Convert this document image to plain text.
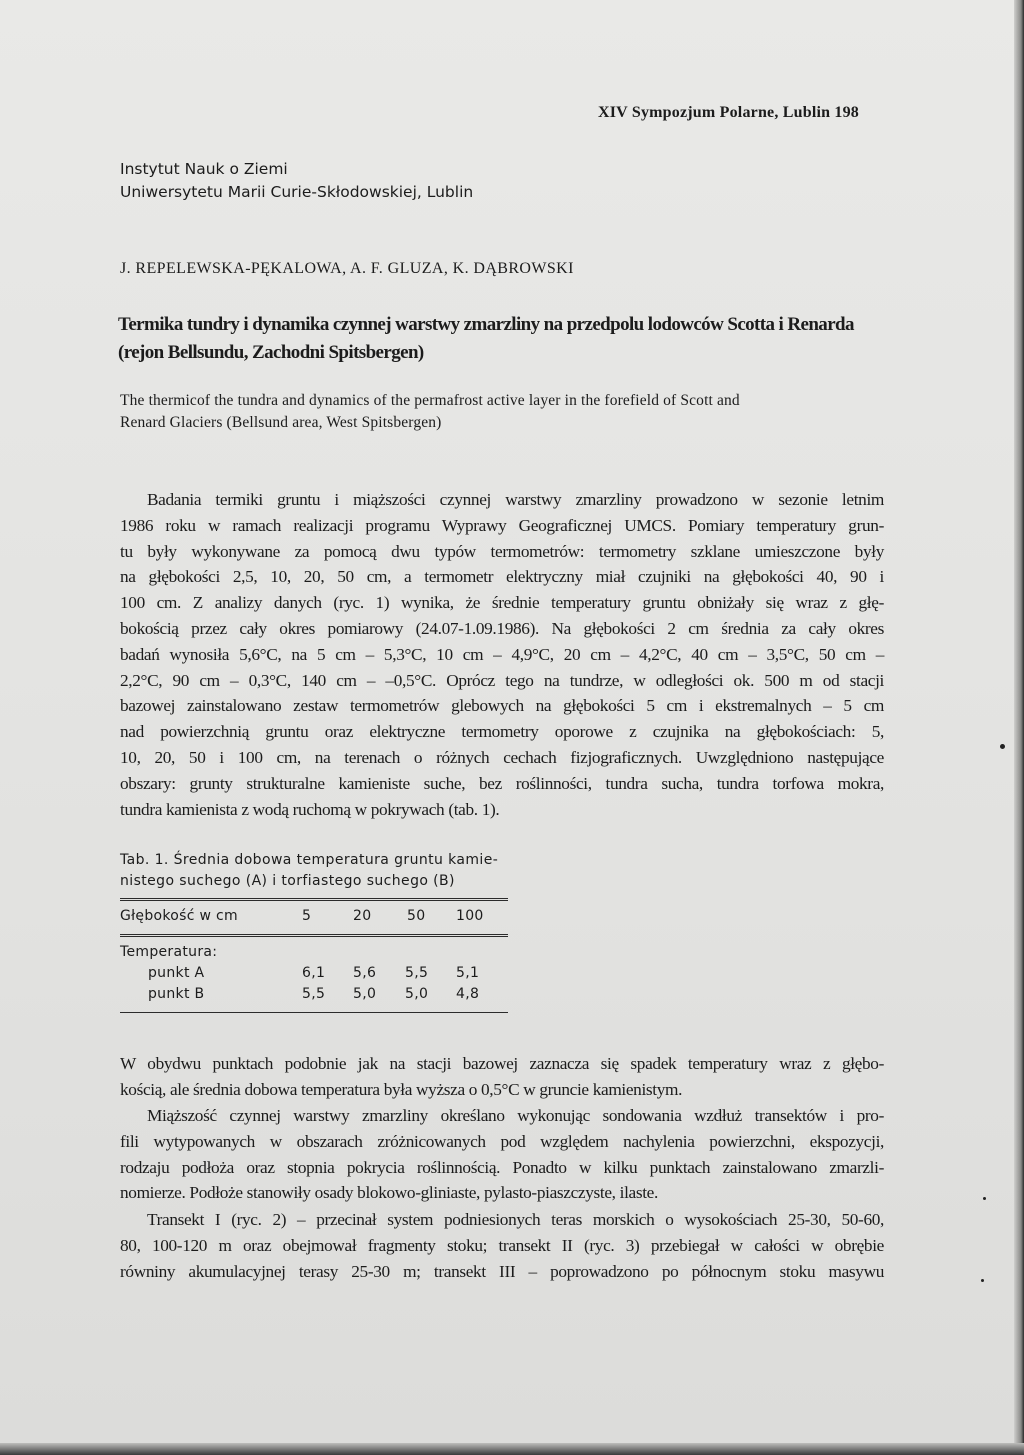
XIV Sympozjum Polarne, Lublin 198
Instytut Nauk o Ziemi
Uniwersytetu Marii Curie-Skłodowskiej, Lublin
J. REPELEWSKA-PĘKALOWA, A. F. GLUZA, K. DĄBROWSKI
Termika tundry i dynamika czynnej warstwy zmarzliny na przedpolu lodowców Scotta i Renarda
(rejon Bellsundu, Zachodni Spitsbergen)
The thermicof the tundra and dynamics of the permafrost active layer in the forefield of Scott and
Renard Glaciers (Bellsund area, West Spitsbergen)
Badania termiki gruntu i miąższości czynnej warstwy zmarzliny prowadzono w sezonie letnim
1986 roku w ramach realizacji programu Wyprawy Geograficznej UMCS. Pomiary temperatury grun-
tu były wykonywane za pomocą dwu typów termometrów: termometry szklane umieszczone były
na głębokości 2,5, 10, 20, 50 cm, a termometr elektryczny miał czujniki na głębokości 40, 90 i
100 cm. Z analizy danych (ryc. 1) wynika, że średnie temperatury gruntu obniżały się wraz z głę-
bokością przez cały okres pomiarowy (24.07-1.09.1986). Na głębokości 2 cm średnia za cały okres
badań wynosiła 5,6°C, na 5 cm – 5,3°C, 10 cm – 4,9°C, 20 cm – 4,2°C, 40 cm – 3,5°C, 50 cm –
2,2°C, 90 cm – 0,3°C, 140 cm – –0,5°C. Oprócz tego na tundrze, w odległości ok. 500 m od stacji
bazowej zainstalowano zestaw termometrów glebowych na głębokości 5 cm i ekstremalnych – 5 cm
nad powierzchnią gruntu oraz elektryczne termometry oporowe z czujnika na głębokościach: 5,
10, 20, 50 i 100 cm, na terenach o różnych cechach fizjograficznych. Uwzględniono następujące
obszary: grunty strukturalne kamieniste suche, bez roślinności, tundra sucha, tundra torfowa mokra,
tundra kamienista z wodą ruchomą w pokrywach (tab. 1).
Tab. 1. Średnia dobowa temperatura gruntu kamie-
nistego suchego (A) i torfiastego suchego (B)
Głębokość w cm	5	20	50 100
Temperatura:
punkt A	6,1 5,6 5,5 5,1
punkt B	5,5 5,0 5,0 4,8
W obydwu punktach podobnie jak na stacji bazowej zaznacza się spadek temperatury wraz z głębo-
kością, ale średnia dobowa temperatura była wyższa o 0,5°C w gruncie kamienistym.
Miąższość czynnej warstwy zmarzliny określano wykonując sondowania wzdłuż transektów i pro-
fili wytypowanych w obszarach zróżnicowanych pod względem nachylenia powierzchni, ekspozycji,
rodzaju podłoża oraz stopnia pokrycia roślinnością. Ponadto w kilku punktach zainstalowano zmarzli-
nomierze. Podłoże stanowiły osady blokowo-gliniaste, pylasto-piaszczyste, ilaste.
Transekt I (ryc. 2) – przecinał system podniesionych teras morskich o wysokościach 25-30, 50-60,
80, 100-120 m oraz obejmował fragmenty stoku; transekt II (ryc. 3) przebiegał w całości w obrębie
równiny akumulacyjnej terasy 25-30 m; transekt III – poprowadzono po północnym stoku masywu
